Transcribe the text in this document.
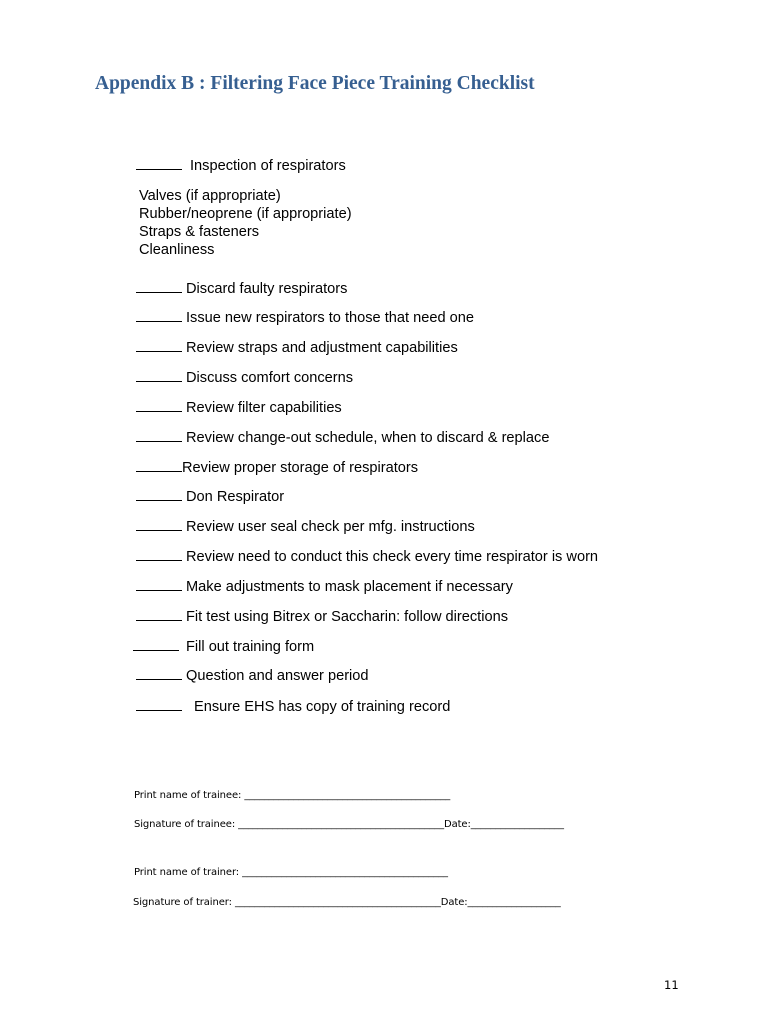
Appendix B : Filtering Face Piece Training Checklist
Inspection of respirators
Valves (if appropriate)
Rubber/neoprene (if appropriate)
Straps & fasteners
Cleanliness
Discard faulty respirators
Issue new respirators to those that need one
Review straps and adjustment capabilities
Discuss comfort concerns
Review filter capabilities
Review change-out schedule, when to discard & replace
Review proper storage of respirators
Don Respirator
Review user seal check per mfg. instructions
Review need to conduct this check every time respirator is worn
Make adjustments to mask placement if necessary
Fit test using Bitrex or Saccharin: follow directions
Fill out training form
Question and answer period
Ensure EHS has copy of training record
Print name of trainee: __________________________________________
Signature of trainee: __________________________________________Date:___________________
Print name of trainer: __________________________________________
Signature of trainer: __________________________________________Date:___________________
11
